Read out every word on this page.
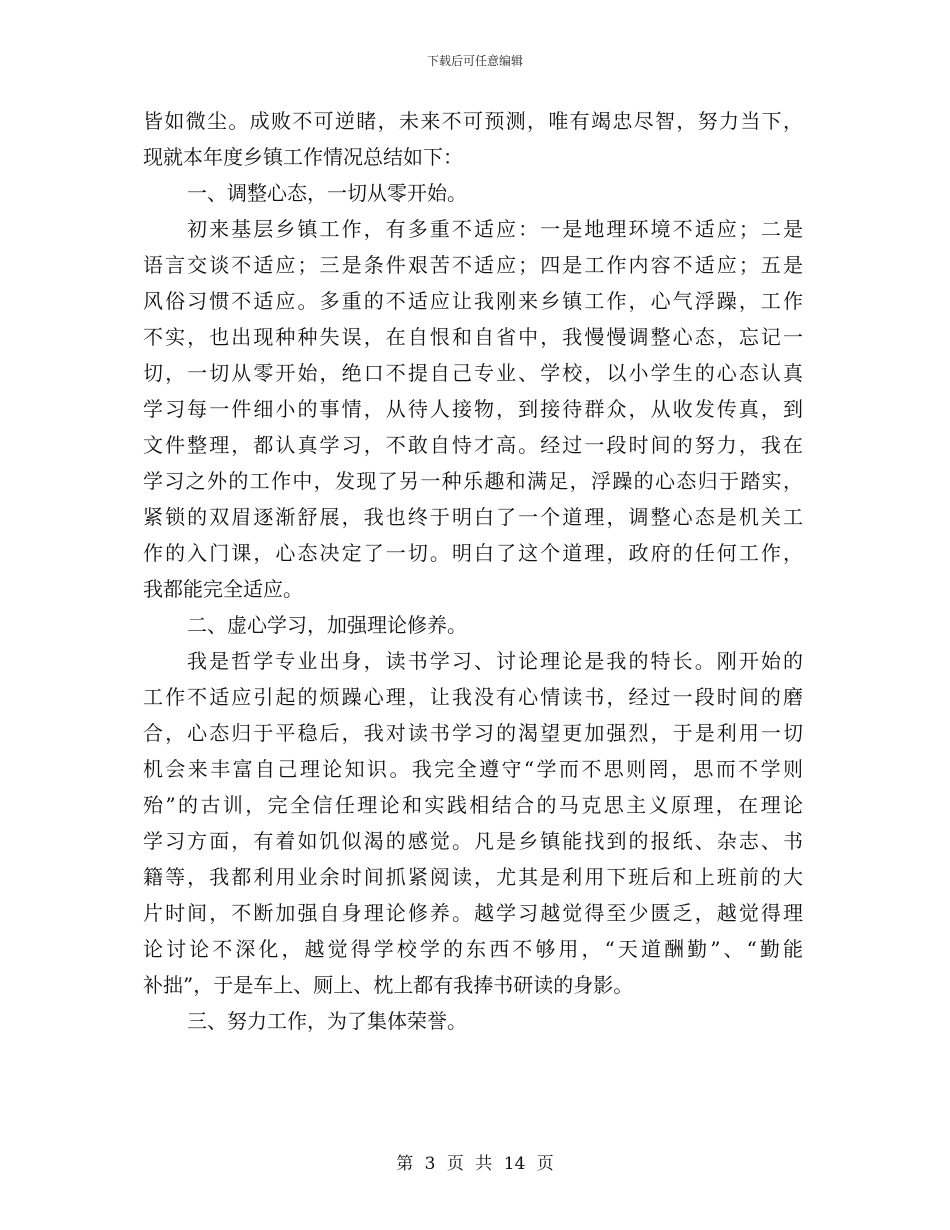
下载后可任意编辑
皆如微尘。成败不可逆睹，未来不可预测，唯有竭忠尽智，努力当下，
现就本年度乡镇工作情况总结如下：
一、调整心态，一切从零开始。
初来基层乡镇工作，有多重不适应：一是地理环境不适应；二是
语言交谈不适应；三是条件艰苦不适应；四是工作内容不适应；五是
风俗习惯不适应。多重的不适应让我刚来乡镇工作，心气浮躁，工作
不实，也出现种种失误，在自恨和自省中，我慢慢调整心态，忘记一
切，一切从零开始，绝口不提自己专业、学校，以小学生的心态认真
学习每一件细小的事情，从待人接物，到接待群众，从收发传真，到
文件整理，都认真学习，不敢自恃才高。经过一段时间的努力，我在
学习之外的工作中，发现了另一种乐趣和满足，浮躁的心态归于踏实，
紧锁的双眉逐渐舒展，我也终于明白了一个道理，调整心态是机关工
作的入门课，心态决定了一切。明白了这个道理，政府的任何工作，
我都能完全适应。
二、虚心学习，加强理论修养。
我是哲学专业出身，读书学习、讨论理论是我的特长。刚开始的
工作不适应引起的烦躁心理，让我没有心情读书，经过一段时间的磨
合，心态归于平稳后，我对读书学习的渴望更加强烈，于是利用一切
机会来丰富自己理论知识。我完全遵守“学而不思则罔，思而不学则
殆”的古训，完全信任理论和实践相结合的马克思主义原理，在理论
学习方面，有着如饥似渴的感觉。凡是乡镇能找到的报纸、杂志、书
籍等，我都利用业余时间抓紧阅读，尤其是利用下班后和上班前的大
片时间，不断加强自身理论修养。越学习越觉得至少匮乏，越觉得理
论讨论不深化，越觉得学校学的东西不够用，“天道酬勤”、“勤能
补拙”，于是车上、厕上、枕上都有我捧书研读的身影。
三、努力工作，为了集体荣誉。
第 3 页 共 14 页
